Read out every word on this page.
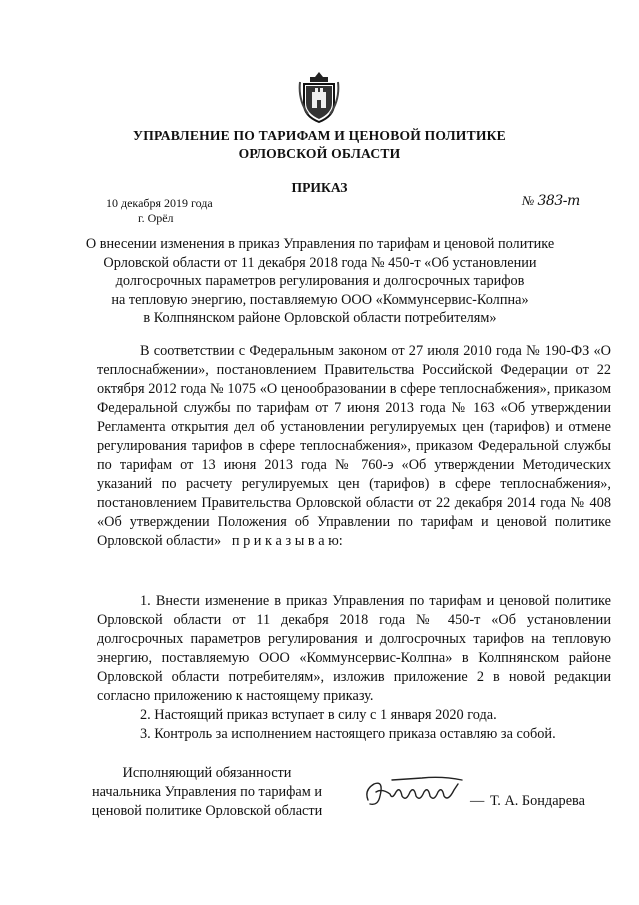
УПРАВЛЕНИЕ ПО ТАРИФАМ И ЦЕНОВОЙ ПОЛИТИКЕ
ОРЛОВСКОЙ ОБЛАСТИ
ПРИКАЗ
10 декабря 2019 года
г. Орёл
№ 383-т
О внесении изменения в приказ Управления по тарифам и ценовой политике
Орловской области от 11 декабря 2018 года № 450-т «Об установлении
долгосрочных параметров регулирования и долгосрочных тарифов
на тепловую энергию, поставляемую ООО «Коммунсервис-Колпна»
в Колпнянском районе Орловской области потребителям»

В соответствии с Федеральным законом от 27 июля 2010 года № 190-ФЗ «О теплоснабжении», постановлением Правительства Российской Федерации от 22 октября 2012 года № 1075 «О ценообразовании в сфере теплоснабжения», приказом Федеральной службы по тарифам от 7 июня 2013 года № 163 «Об утверждении Регламента открытия дел об установлении регулируемых цен (тарифов) и отмене регулирования тарифов в сфере теплоснабжения», приказом Федеральной службы по тарифам от 13 июня 2013 года № 760-э «Об утверждении Методических указаний по расчету регулируемых цен (тарифов) в сфере теплоснабжения», постановлением Правительства Орловской области от 22 декабря 2014 года № 408 «Об утверждении Положения об Управлении по тарифам и ценовой политике Орловской области» п р и к а з ы в а ю:

1. Внести изменение в приказ Управления по тарифам и ценовой политике Орловской области от 11 декабря 2018 года № 450-т «Об установлении долгосрочных параметров регулирования и долгосрочных тарифов на тепловую энергию, поставляемую ООО «Коммунсервис-Колпна» в Колпнянском районе Орловской области потребителям», изложив приложение 2 в новой редакции согласно приложению к настоящему приказу.
2. Настоящий приказ вступает в силу с 1 января 2020 года.
3. Контроль за исполнением настоящего приказа оставляю за собой.
Исполняющий обязанности
начальника Управления по тарифам и
ценовой политике Орловской области
— Т. А. Бондарева
